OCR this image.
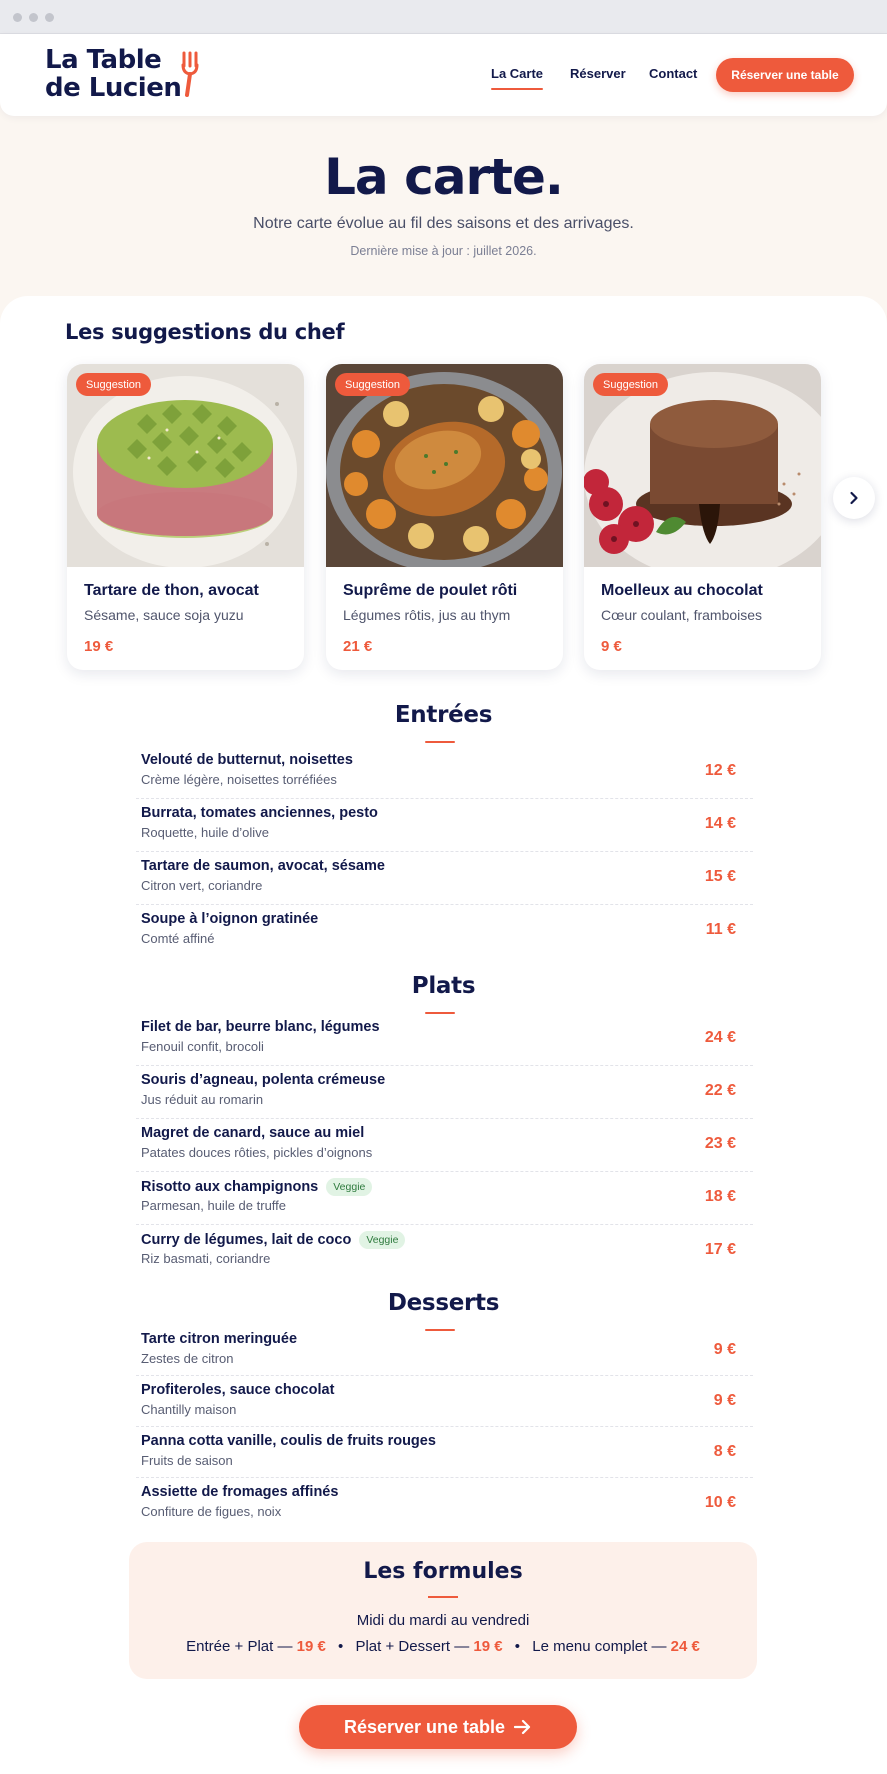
La Table
de Lucien	La Carte Réserver Contact	Réserver une table
La carte.

Notre carte évolue au fil des saisons et des arrivages.

Dernière mise à jour : juillet 2026.

Les suggestions du chef
Suggestion
Tartare de thon, avocat
Sésame, sauce soja yuzu
19 €
Suggestion
Suprême de poulet rôti
Légumes rôtis, jus au thym
21 €
Suggestion
Moelleux au chocolat
Cœur coulant, framboises
9 €
Entrées
Velouté de butternut, noisettes
Crème légère, noisettes torréfiées
12 €
Burrata, tomates anciennes, pesto
Roquette, huile d’olive
14 €
Tartare de saumon, avocat, sésame
Citron vert, coriandre
15 €
Soupe à l’oignon gratinée
Comté affiné
11 €
Plats
Filet de bar, beurre blanc, légumes
Fenouil confit, brocoli
24 €
Souris d’agneau, polenta crémeuse
Jus réduit au romarin
22 €
Magret de canard, sauce au miel
Patates douces rôties, pickles d’oignons
23 €
Risotto aux champignons	Veggie
Parmesan, huile de truffe
18 €
Curry de légumes, lait de coco	Veggie
Riz basmati, coriandre
17 €
Desserts
Tarte citron meringuée
Zestes de citron
9 €
Profiteroles, sauce chocolat
Chantilly maison
9 €
Panna cotta vanille, coulis de fruits rouges
Fruits de saison
8 €
Assiette de fromages affinés
Confiture de figues, noix
10 €
Les formules

Midi du mardi au vendredi

Entrée + Plat — 19 € • Plat + Dessert — 19 € • Le menu complet — 24 €

Réserver une table
